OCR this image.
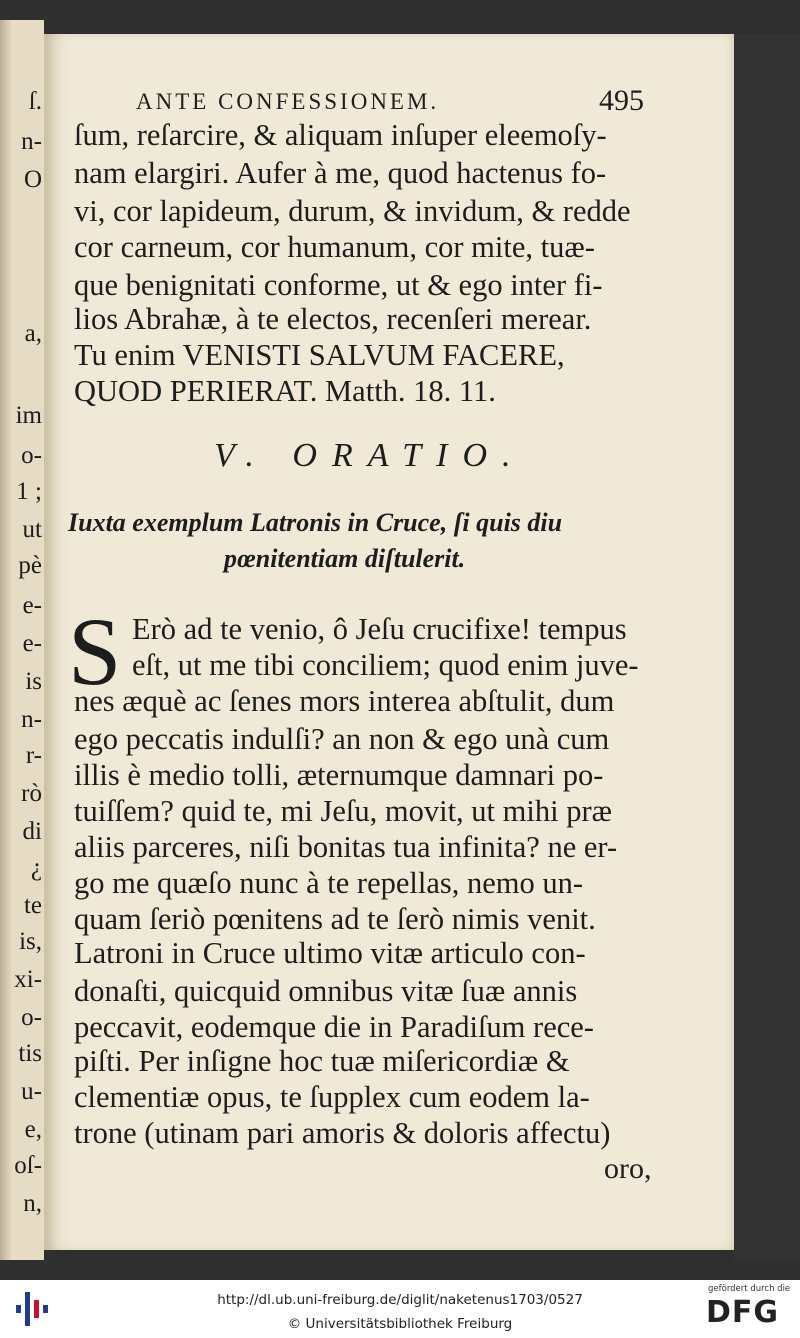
ſ.
n-
O
a,
im
o-
1 ;
ut
pè
e-
e-
is
n-
r-
rò
di
¿
te
is,
xi-
o-
tis
u-
e,
oſ-
n,
ANTE CONFESSIONEM.	495
ſum, reſarcire, & aliquam inſuper eleemoſy-
nam elargiri. Aufer à me, quod hactenus fo-
vi, cor lapideum, durum, & invidum, & redde
cor carneum, cor humanum, cor mite, tuæ-
que benignitati conforme, ut & ego inter fi-
lios Abrahæ, à te electos, recenſeri merear.
Tu enim VENISTI SALVUM FACERE,
QUOD PERIERAT. Matth. 18. 11.
V. ORATIO.
Iuxta exemplum Latronis in Cruce, ſi quis diu
pœnitentiam diſtulerit.
S Erò ad te venio, ô Jeſu crucifixe! tempus
eſt, ut me tibi conciliem; quod enim juve-
nes æquè ac ſenes mors interea abſtulit, dum
ego peccatis indulſi? an non & ego unà cum
illis è medio tolli, æternumque damnari po-
tuiſſem? quid te, mi Jeſu, movit, ut mihi præ
aliis parceres, niſi bonitas tua infinita? ne er-
go me quæſo nunc à te repellas, nemo un-
quam ſeriò pœnitens ad te ſerò nimis venit.
Latroni in Cruce ultimo vitæ articulo con-
donaſti, quicquid omnibus vitæ ſuæ annis
peccavit, eodemque die in Paradiſum rece-
piſti. Per inſigne hoc tuæ miſericordiæ &
clementiæ opus, te ſupplex cum eodem la-
trone (utinam pari amoris & doloris affectu)
oro,
http://dl.ub.uni-freiburg.de/diglit/naketenus1703/0527
© Universitätsbibliothek Freiburg
gefördert durch die
DFG
